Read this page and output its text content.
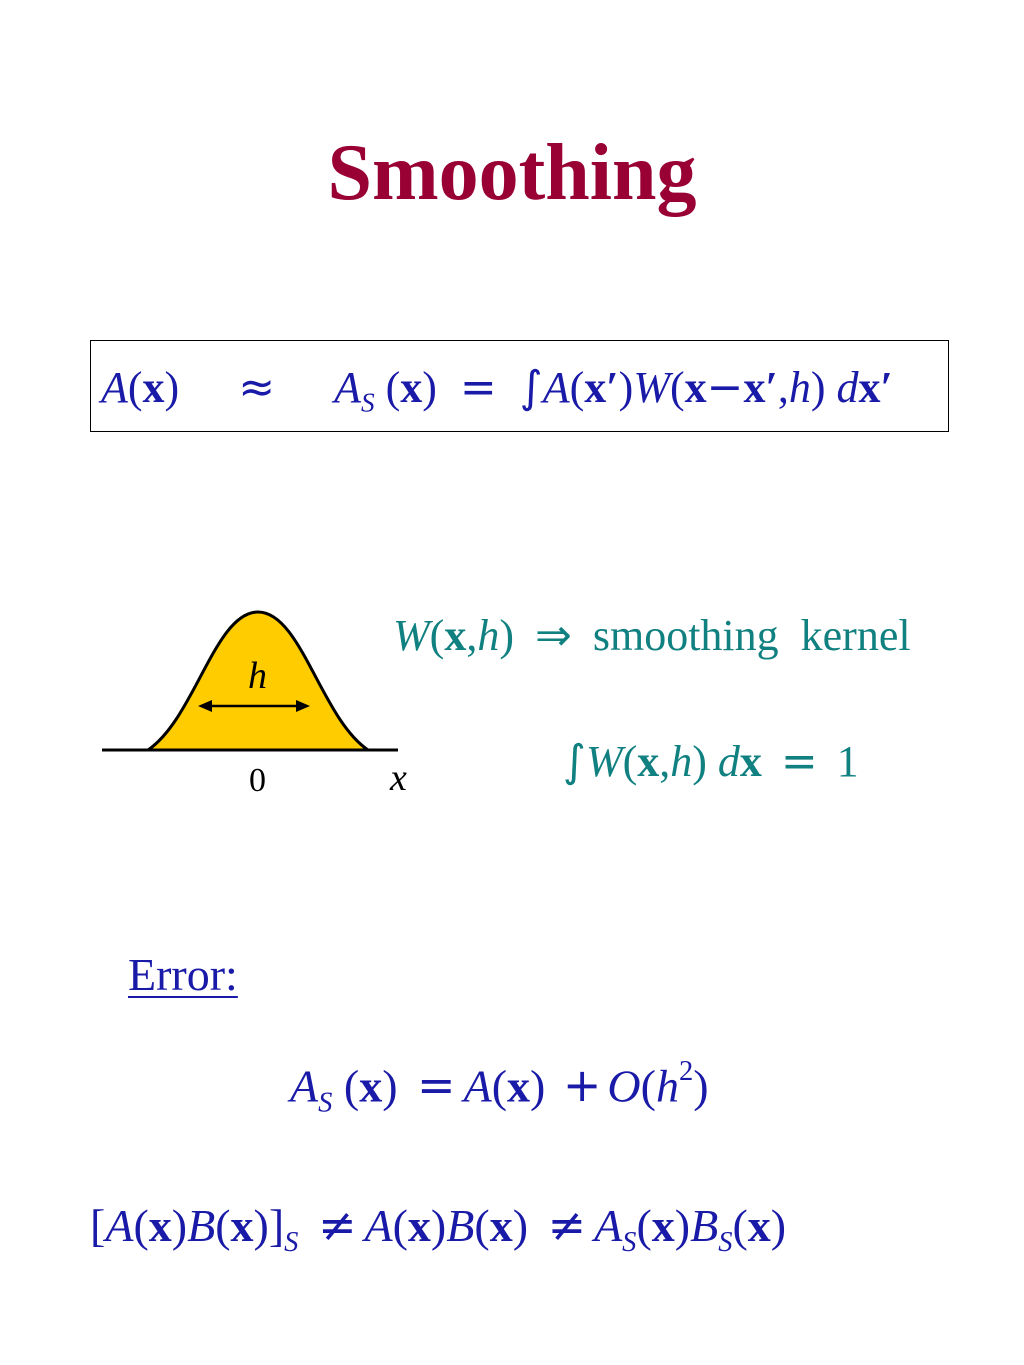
Smoothing
$A(x) \approx A_S$ (x) = ∫A(x′)W(x−x′,h) dx′
h
0	x
W(x,h) ⇒ smoothing  kernel
∫W(x,h) dx = 1
Error:
$A_S$ $(x) = A(x) + O(h^2)$
$[A(x)B(x)]_S \ne A(x)B(x) \ne A_S(x)B_S(x)$
